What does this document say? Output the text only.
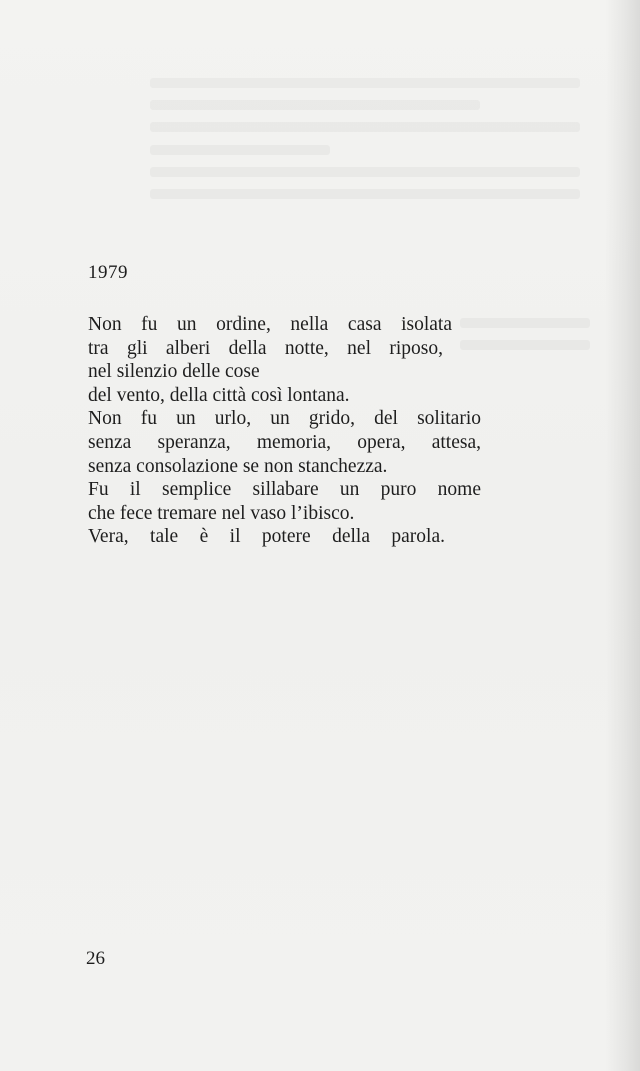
1979
Non fu un ordine, nella casa isolata
tra gli alberi della notte, nel riposo,
nel silenzio delle cose
del vento, della città così lontana.
Non fu un urlo, un grido, del solitario
senza speranza, memoria, opera, attesa,
senza consolazione se non stanchezza.
Fu il semplice sillabare un puro nome
che fece tremare nel vaso l’ibisco.
Vera, tale è il potere della parola.
26
